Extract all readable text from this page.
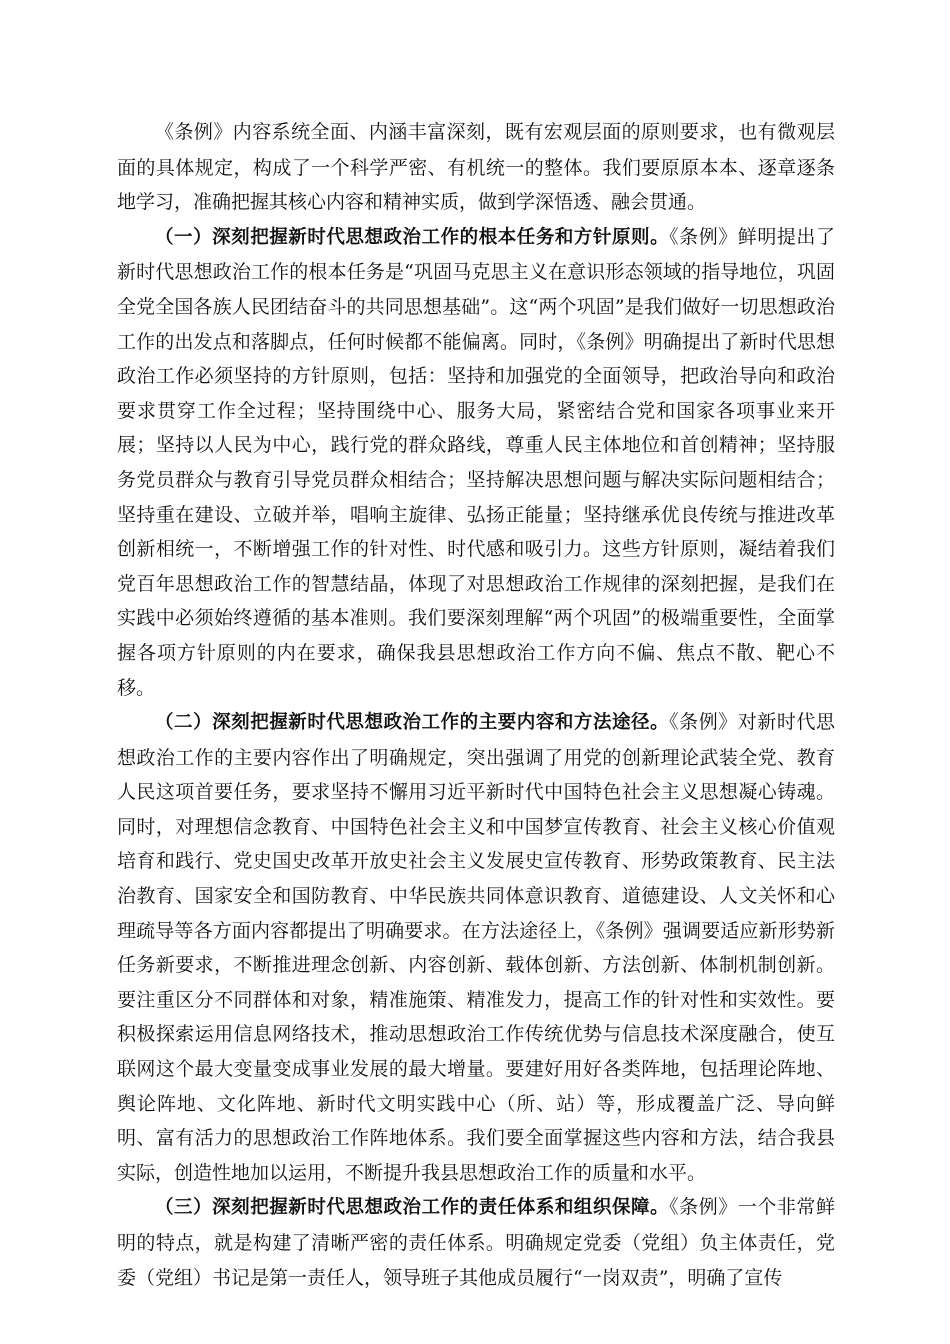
《条例》内容系统全面、内涵丰富深刻，既有宏观层面的原则要求，也有微观层面的具体规定，构成了一个科学严密、有机统一的整体。我们要原原本本、逐章逐条地学习，准确把握其核心内容和精神实质，做到学深悟透、融会贯通。

（一）深刻把握新时代思想政治工作的根本任务和方针原则。《条例》鲜明提出了新时代思想政治工作的根本任务是“巩固马克思主义在意识形态领域的指导地位，巩固全党全国各族人民团结奋斗的共同思想基础”。这“两个巩固”是我们做好一切思想政治工作的出发点和落脚点，任何时候都不能偏离。同时，《条例》明确提出了新时代思想政治工作必须坚持的方针原则，包括：坚持和加强党的全面领导，把政治导向和政治要求贯穿工作全过程；坚持围绕中心、服务大局，紧密结合党和国家各项事业来开展；坚持以人民为中心，践行党的群众路线，尊重人民主体地位和首创精神；坚持服务党员群众与教育引导党员群众相结合；坚持解决思想问题与解决实际问题相结合；坚持重在建设、立破并举，唱响主旋律、弘扬正能量；坚持继承优良传统与推进改革创新相统一，不断增强工作的针对性、时代感和吸引力。这些方针原则，凝结着我们党百年思想政治工作的智慧结晶，体现了对思想政治工作规律的深刻把握，是我们在实践中必须始终遵循的基本准则。我们要深刻理解“两个巩固”的极端重要性，全面掌握各项方针原则的内在要求，确保我县思想政治工作方向不偏、焦点不散、靶心不移。

（二）深刻把握新时代思想政治工作的主要内容和方法途径。《条例》对新时代思想政治工作的主要内容作出了明确规定，突出强调了用党的创新理论武装全党、教育人民这项首要任务，要求坚持不懈用习近平新时代中国特色社会主义思想凝心铸魂。同时，对理想信念教育、中国特色社会主义和中国梦宣传教育、社会主义核心价值观培育和践行、党史国史改革开放史社会主义发展史宣传教育、形势政策教育、民主法治教育、国家安全和国防教育、中华民族共同体意识教育、道德建设、人文关怀和心理疏导等各方面内容都提出了明确要求。在方法途径上，《条例》强调要适应新形势新任务新要求，不断推进理念创新、内容创新、载体创新、方法创新、体制机制创新。要注重区分不同群体和对象，精准施策、精准发力，提高工作的针对性和实效性。要积极探索运用信息网络技术，推动思想政治工作传统优势与信息技术深度融合，使互联网这个最大变量变成事业发展的最大增量。要建好用好各类阵地，包括理论阵地、舆论阵地、文化阵地、新时代文明实践中心（所、站）等，形成覆盖广泛、导向鲜明、富有活力的思想政治工作阵地体系。我们要全面掌握这些内容和方法，结合我县实际，创造性地加以运用，不断提升我县思想政治工作的质量和水平。

（三）深刻把握新时代思想政治工作的责任体系和组织保障。《条例》一个非常鲜明的特点，就是构建了清晰严密的责任体系。明确规定党委（党组）负主体责任，党委（党组）书记是第一责任人，领导班子其他成员履行“一岗双责”，明确了宣传
